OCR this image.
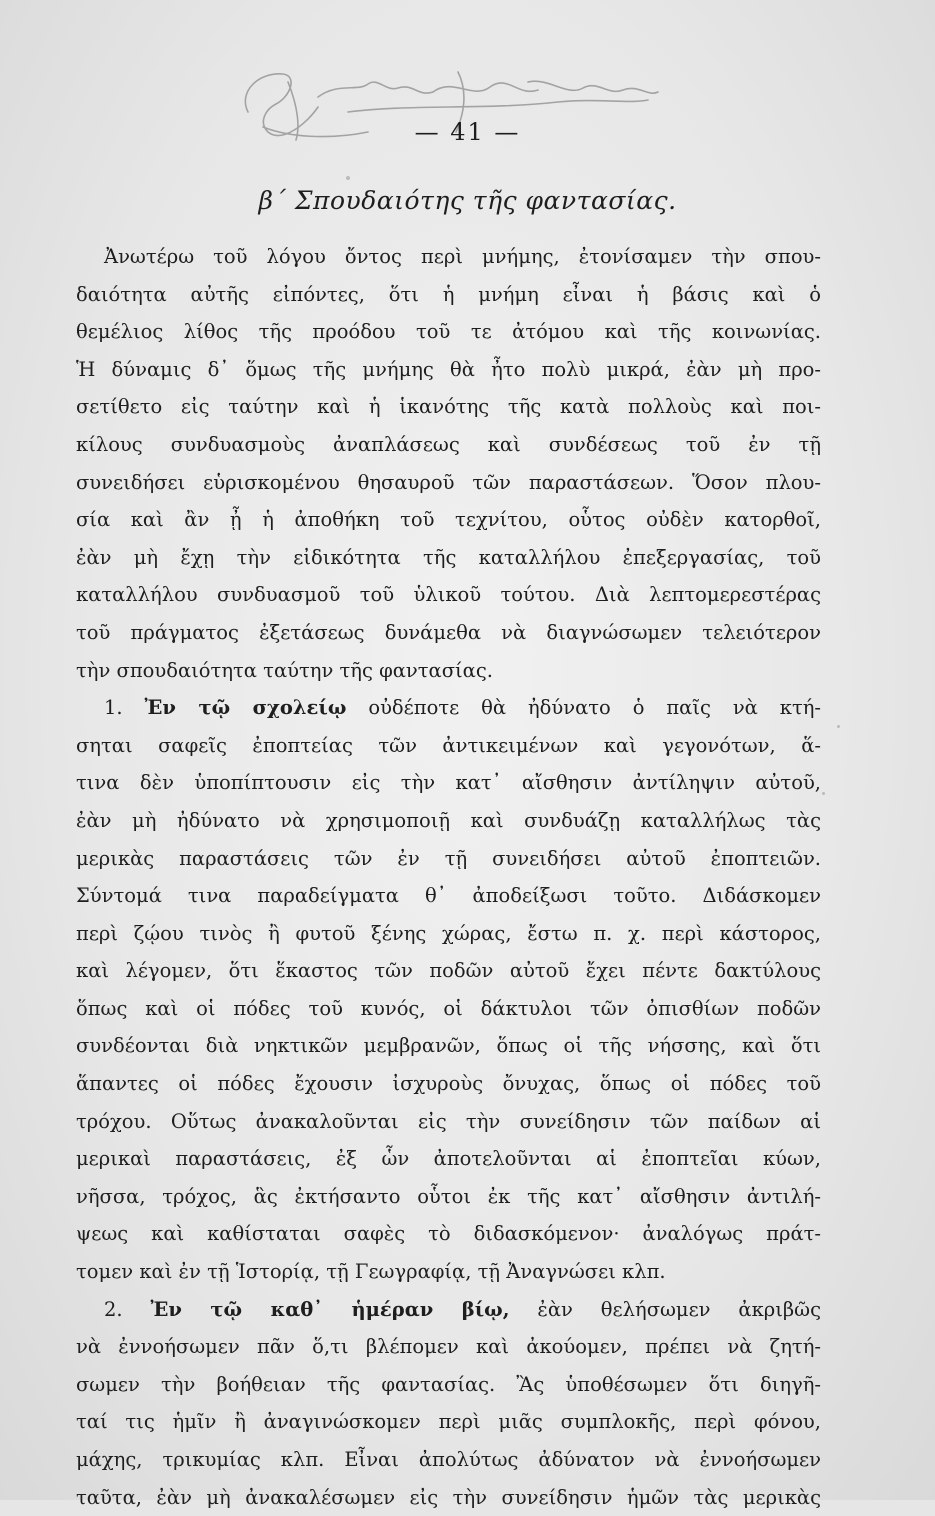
— 41 —
β΄ Σπουδαιότης τῆς φαντασίας.
Ἀνωτέρω τοῦ λόγου ὄντος περὶ μνήμης, ἐτονίσαμεν τὴν σπου-
δαιότητα αὐτῆς εἰπόντες, ὅτι ἡ μνήμη εἶναι ἡ βάσις καὶ ὁ
θεμέλιος λίθος τῆς προόδου τοῦ τε ἀτόμου καὶ τῆς κοινωνίας.
Ἡ δύναμις δ᾽ ὅμως τῆς μνήμης θὰ ἦτο πολὺ μικρά, ἐὰν μὴ προ-
σετίθετο εἰς ταύτην καὶ ἡ ἱκανότης τῆς κατὰ πολλοὺς καὶ ποι-
κίλους συνδυασμοὺς ἀναπλάσεως καὶ συνδέσεως τοῦ ἐν τῇ
συνειδήσει εὑρισκομένου θησαυροῦ τῶν παραστάσεων. Ὅσον πλου-
σία καὶ ἂν ᾖ ἡ ἀποθήκη τοῦ τεχνίτου, οὗτος οὐδὲν κατορθοῖ,
ἐὰν μὴ ἔχῃ τὴν εἰδικότητα τῆς καταλλήλου ἐπεξεργασίας, τοῦ
καταλλήλου συνδυασμοῦ τοῦ ὑλικοῦ τούτου. Διὰ λεπτομερεστέρας
τοῦ πράγματος ἐξετάσεως δυνάμεθα νὰ διαγνώσωμεν τελειότερον
τὴν σπουδαιότητα ταύτην τῆς φαντασίας.
1. Ἐν τῷ σχολείῳ οὐδέποτε θὰ ἠδύνατο ὁ παῖς νὰ κτή-
σηται σαφεῖς ἐποπτείας τῶν ἀντικειμένων καὶ γεγονότων, ἅ-
τινα δὲν ὑποπίπτουσιν εἰς τὴν κατ᾽ αἴσθησιν ἀντίληψιν αὐτοῦ,
ἐὰν μὴ ἠδύνατο νὰ χρησιμοποιῇ καὶ συνδυάζῃ καταλλήλως τὰς
μερικὰς παραστάσεις τῶν ἐν τῇ συνειδήσει αὐτοῦ ἐποπτειῶν.
Σύντομά τινα παραδείγματα θ᾽ ἀποδείξωσι τοῦτο. Διδάσκομεν
περὶ ζῴου τινὸς ἢ φυτοῦ ξένης χώρας, ἔστω π. χ. περὶ κάστορος,
καὶ λέγομεν, ὅτι ἕκαστος τῶν ποδῶν αὐτοῦ ἔχει πέντε δακτύλους
ὅπως καὶ οἱ πόδες τοῦ κυνός, οἱ δάκτυλοι τῶν ὀπισθίων ποδῶν
συνδέονται διὰ νηκτικῶν μεμβρανῶν, ὅπως οἱ τῆς νήσσης, καὶ ὅτι
ἅπαντες οἱ πόδες ἔχουσιν ἰσχυροὺς ὄνυχας, ὅπως οἱ πόδες τοῦ
τρόχου. Οὕτως ἀνακαλοῦνται εἰς τὴν συνείδησιν τῶν παίδων αἱ
μερικαὶ παραστάσεις, ἐξ ὧν ἀποτελοῦνται αἱ ἐποπτεῖαι κύων,
νῆσσα, τρόχος, ἃς ἐκτήσαντο οὗτοι ἐκ τῆς κατ᾽ αἴσθησιν ἀντιλή-
ψεως καὶ καθίσταται σαφὲς τὸ διδασκόμενον· ἀναλόγως πράτ-
τομεν καὶ ἐν τῇ Ἱστορίᾳ, τῇ Γεωγραφίᾳ, τῇ Ἀναγνώσει κλπ.
2. Ἐν τῷ καθ᾽ ἡμέραν βίῳ, ἐὰν θελήσωμεν ἀκριβῶς
νὰ ἐννοήσωμεν πᾶν ὅ,τι βλέπομεν καὶ ἀκούομεν, πρέπει νὰ ζητή-
σωμεν τὴν βοήθειαν τῆς φαντασίας. Ἂς ὑποθέσωμεν ὅτι διηγῆ-
ταί τις ἡμῖν ἢ ἀναγινώσκομεν περὶ μιᾶς συμπλοκῆς, περὶ φόνου,
μάχης, τρικυμίας κλπ. Εἶναι ἀπολύτως ἀδύνατον νὰ ἐννοήσωμεν
ταῦτα, ἐὰν μὴ ἀνακαλέσωμεν εἰς τὴν συνείδησιν ἡμῶν τὰς μερικὰς
